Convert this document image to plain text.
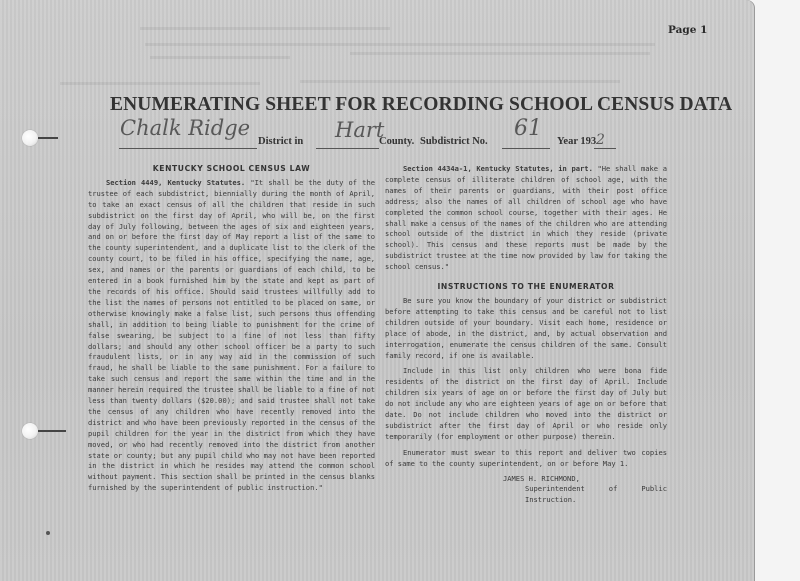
Page 1
ENUMERATING SHEET FOR RECORDING SCHOOL CENSUS DATA
Chalk Ridge
District in Hart
County. Subdistrict No.
61
Year 193 2
KENTUCKY SCHOOL CENSUS LAW

Section 4449, Kentucky Statutes. "It shall be the duty of the trustee of each subdistrict, biennially during the month of April, to take an exact census of all the children that reside in such subdistrict on the first day of April, who will be, on the first day of July following, between the ages of six and eighteen years, and on or before the first day of May report a list of the same to the county superintendent, and a duplicate list to the clerk of the county court, to be filed in his office, specifying the name, age, sex, and names or the parents or guardians of each child, to be entered in a book furnished him by the state and kept as part of the records of his office. Should said trustees willfully add to the list the names of persons not entitled to be placed on same, or otherwise knowingly make a false list, such persons thus offending shall, in addition to being liable to punishment for the crime of false swearing, be subject to a fine of not less than fifty dollars; and should any other school officer be a party to such fraudulent lists, or in any way aid in the commission of such fraud, he shall be liable to the same punishment. For a failure to take such census and report the same within the time and in the manner herein required the trustee shall be liable to a fine of not less than twenty dollars ($20.00); and said trustee shall not take the census of any children who have recently removed into the district and who have been previously reported in the census of the pupil children for the year in the district from which they have moved, or who had recently removed into the district from another state or county; but any pupil child who may not have been reported in the district in which he resides may attend the common school without payment. This section shall be printed in the census blanks furnished by the superintendent of public instruction."

Section 4434a-1, Kentucky Statutes, in part. "He shall make a complete census of illiterate children of school age, with the names of their parents or guardians, with their post office address; also the names of all children of school age who have completed the common school course, together with their ages. He shall make a census of the names of the children who are attending school outside of the district in which they reside (private school). This census and these reports must be made by the subdistrict trustee at the time now provided by law for taking the school census."

INSTRUCTIONS TO THE ENUMERATOR

Be sure you know the boundary of your district or subdistrict before attempting to take this census and be careful not to list children outside of your boundary. Visit each home, residence or place of abode, in the district, and, by actual observation and interrogation, enumerate the census children of the same. Consult family record, if one is available.

Include in this list only children who were bona fide residents of the district on the first day of April. Include children six years of age on or before the first day of July but do not include any who are eighteen years of age on or before that date. Do not include children who moved into the district or subdistrict after the first day of April or who reside only temporarily (for employment or other purpose) therein.

Enumerator must swear to this report and deliver two copies of same to the county superintendent, on or before May 1.

JAMES H. RICHMOND,
Superintendent of Public Instruction.
